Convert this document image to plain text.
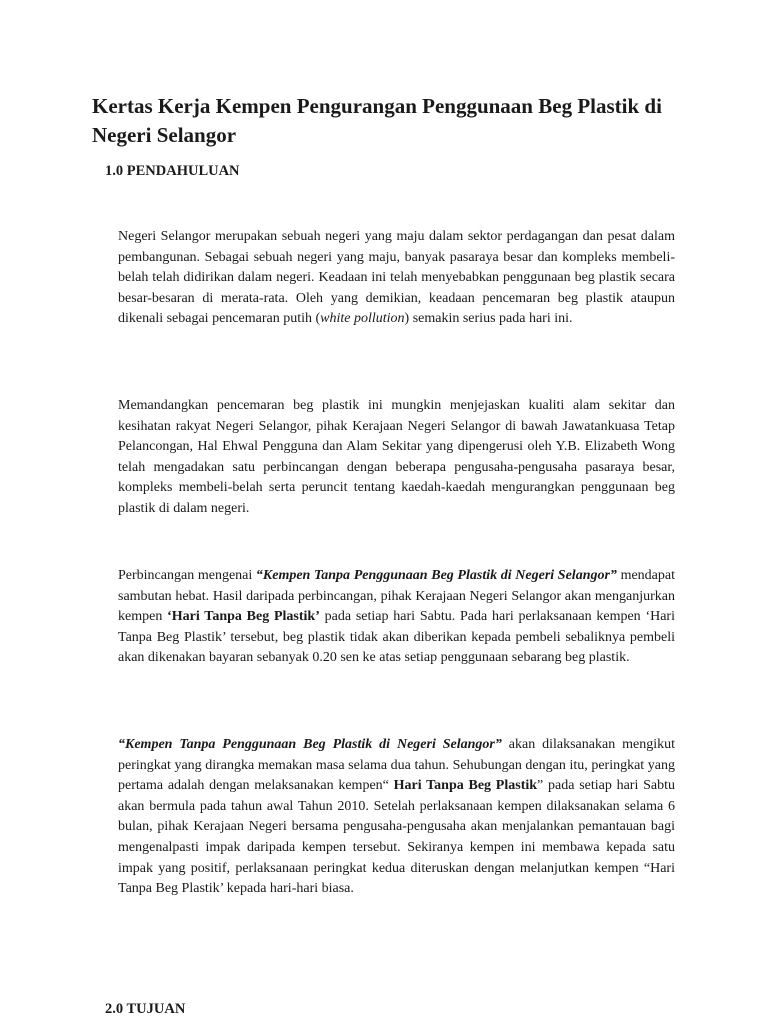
Kertas Kerja Kempen Pengurangan Penggunaan Beg Plastik di Negeri Selangor
1.0 PENDAHULUAN

Negeri Selangor merupakan sebuah negeri yang maju dalam sektor perdagangan dan pesat dalam pembangunan. Sebagai sebuah negeri yang maju, banyak pasaraya besar dan kompleks membeli-belah telah didirikan dalam negeri. Keadaan ini telah menyebabkan penggunaan beg plastik secara besar-besaran di merata-rata. Oleh yang demikian, keadaan pencemaran beg plastik ataupun dikenali sebagai pencemaran putih (white pollution) semakin serius pada hari ini.

Memandangkan pencemaran beg plastik ini mungkin menjejaskan kualiti alam sekitar dan kesihatan rakyat Negeri Selangor, pihak Kerajaan Negeri Selangor di bawah Jawatankuasa Tetap Pelancongan, Hal Ehwal Pengguna dan Alam Sekitar yang dipengerusi oleh Y.B. Elizabeth Wong telah mengadakan satu perbincangan dengan beberapa pengusaha-pengusaha pasaraya besar, kompleks membeli-belah serta peruncit tentang kaedah-kaedah mengurangkan penggunaan beg plastik di dalam negeri.

Perbincangan mengenai “Kempen Tanpa Penggunaan Beg Plastik di Negeri Selangor” mendapat sambutan hebat. Hasil daripada perbincangan, pihak Kerajaan Negeri Selangor akan menganjurkan kempen ‘Hari Tanpa Beg Plastik’ pada setiap hari Sabtu. Pada hari perlaksanaan kempen ‘Hari Tanpa Beg Plastik’ tersebut, beg plastik tidak akan diberikan kepada pembeli sebaliknya pembeli akan dikenakan bayaran sebanyak 0.20 sen ke atas setiap penggunaan sebarang beg plastik.

“Kempen Tanpa Penggunaan Beg Plastik di Negeri Selangor” akan dilaksanakan mengikut peringkat yang dirangka memakan masa selama dua tahun. Sehubungan dengan itu, peringkat yang pertama adalah dengan melaksanakan kempen“ Hari Tanpa Beg Plastik” pada setiap hari Sabtu akan bermula pada tahun awal Tahun 2010. Setelah perlaksanaan kempen dilaksanakan selama 6 bulan, pihak Kerajaan Negeri bersama pengusaha-pengusaha akan menjalankan pemantauan bagi mengenalpasti impak daripada kempen tersebut. Sekiranya kempen ini membawa kepada satu impak yang positif, perlaksanaan peringkat kedua diteruskan dengan melanjutkan kempen “Hari Tanpa Beg Plastik’ kepada hari-hari biasa.

2.0 TUJUAN
